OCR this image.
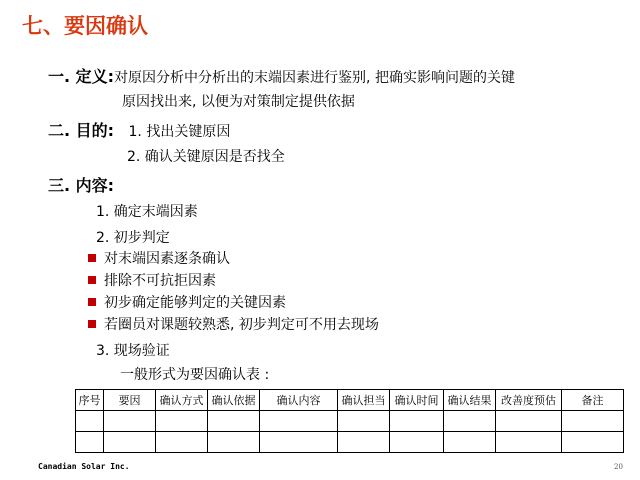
七、要因确认
一. 定义:对原因分析中分析出的末端因素进行鉴别, 把确实影响问题的关键
原因找出来, 以便为对策制定提供依据
二. 目的: 1. 找出关键原因
2. 确认关键原因是否找全
三. 内容:
1. 确定末端因素
2. 初步判定
对末端因素逐条确认
排除不可抗拒因素
初步确定能够判定的关键因素
若圈员对课题较熟悉, 初步判定可不用去现场
3. 现场验证
一般形式为要因确认表 :
序号	要因	确认方式	确认依据	确认内容	确认担当	确认时间	确认结果	改善度预估	备注

Canadian Solar Inc.	20
